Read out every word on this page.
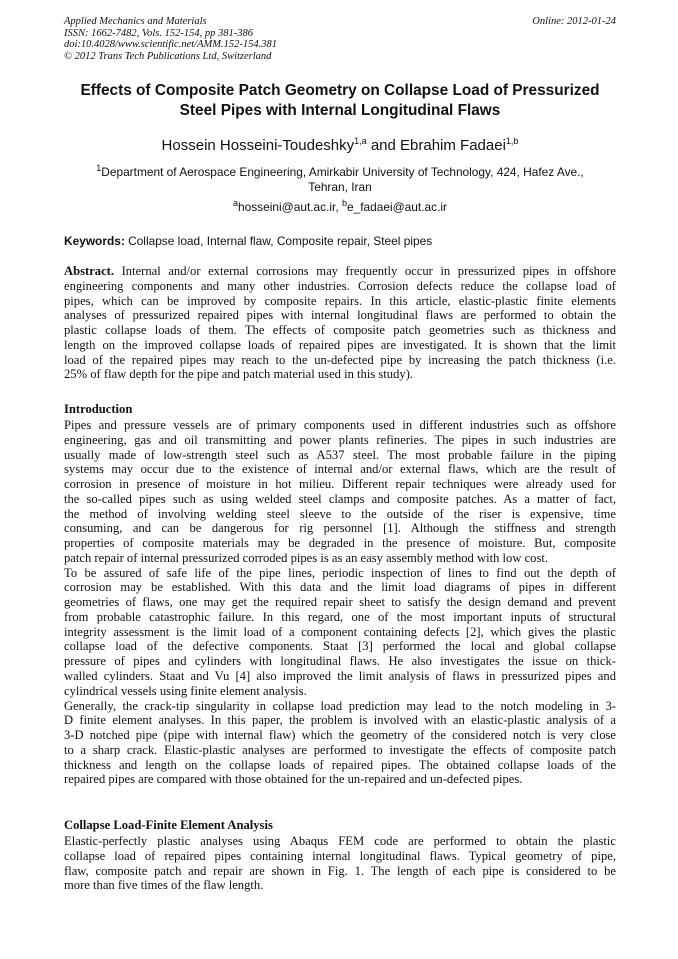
Applied Mechanics and Materials
ISSN: 1662-7482, Vols. 152-154, pp 381-386
doi:10.4028/www.scientific.net/AMM.152-154.381
© 2012 Trans Tech Publications Ltd, Switzerland
Online: 2012-01-24
Effects of Composite Patch Geometry on Collapse Load of Pressurized
Steel Pipes with Internal Longitudinal Flaws
Hossein Hosseini-Toudeshky$^{1,a}$ and Ebrahim Fadaei$^{1,b}$
$^1$Department of Aerospace Engineering, Amirkabir University of Technology, 424, Hafez Ave.,
Tehran, Iran
$^a$hosseini@aut.ac.ir, $^b$e_fadaei@aut.ac.ir
Keywords: Collapse load, Internal flaw, Composite repair, Steel pipes
Abstract. Internal and/or external corrosions may frequently occur in pressurized pipes in offshore
engineering components and many other industries. Corrosion defects reduce the collapse load of
pipes, which can be improved by composite repairs. In this article, elastic-plastic finite elements
analyses of pressurized repaired pipes with internal longitudinal flaws are performed to obtain the
plastic collapse loads of them. The effects of composite patch geometries such as thickness and
length on the improved collapse loads of repaired pipes are investigated. It is shown that the limit
load of the repaired pipes may reach to the un-defected pipe by increasing the patch thickness (i.e.
25% of flaw depth for the pipe and patch material used in this study).
Introduction
Pipes and pressure vessels are of primary components used in different industries such as offshore
engineering, gas and oil transmitting and power plants refineries. The pipes in such industries are
usually made of low-strength steel such as A537 steel. The most probable failure in the piping
systems may occur due to the existence of internal and/or external flaws, which are the result of
corrosion in presence of moisture in hot milieu. Different repair techniques were already used for
the so-called pipes such as using welded steel clamps and composite patches. As a matter of fact,
the method of involving welding steel sleeve to the outside of the riser is expensive, time
consuming, and can be dangerous for rig personnel [1]. Although the stiffness and strength
properties of composite materials may be degraded in the presence of moisture. But, composite
patch repair of internal pressurized corroded pipes is as an easy assembly method with low cost.
To be assured of safe life of the pipe lines, periodic inspection of lines to find out the depth of
corrosion may be established. With this data and the limit load diagrams of pipes in different
geometries of flaws, one may get the required repair sheet to satisfy the design demand and prevent
from probable catastrophic failure. In this regard, one of the most important inputs of structural
integrity assessment is the limit load of a component containing defects [2], which gives the plastic
collapse load of the defective components. Staat [3] performed the local and global collapse
pressure of pipes and cylinders with longitudinal flaws. He also investigates the issue on thick-
walled cylinders. Staat and Vu [4] also improved the limit analysis of flaws in pressurized pipes and
cylindrical vessels using finite element analysis.
Generally, the crack-tip singularity in collapse load prediction may lead to the notch modeling in 3-
D finite element analyses. In this paper, the problem is involved with an elastic-plastic analysis of a
3-D notched pipe (pipe with internal flaw) which the geometry of the considered notch is very close
to a sharp crack. Elastic-plastic analyses are performed to investigate the effects of composite patch
thickness and length on the collapse loads of repaired pipes. The obtained collapse loads of the
repaired pipes are compared with those obtained for the un-repaired and un-defected pipes.
Collapse Load-Finite Element Analysis
Elastic-perfectly plastic analyses using Abaqus FEM code are performed to obtain the plastic
collapse load of repaired pipes containing internal longitudinal flaws. Typical geometry of pipe,
flaw, composite patch and repair are shown in Fig. 1. The length of each pipe is considered to be
more than five times of the flaw length.
